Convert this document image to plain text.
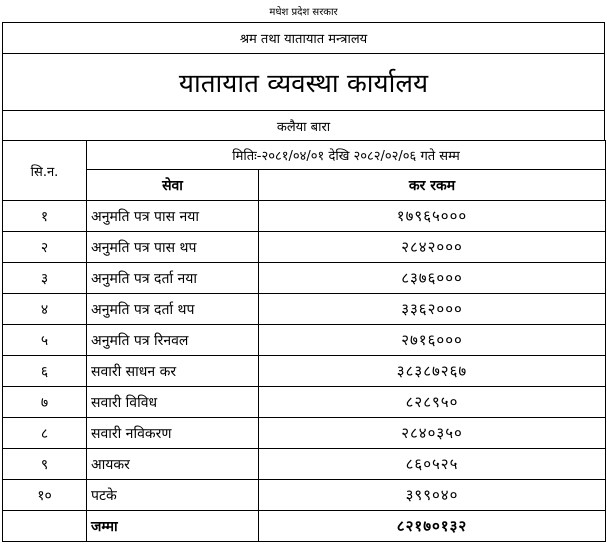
मधेश प्रदेश सरकार
श्रम तथा यातायात मन्त्रालय
यातायात व्यवस्था कार्यालय
कलैया बारा
सि.न.	मितिः-२०८१/०४/०१ देखि २०८२/०२/०६ गते सम्म	
	सेवा	कर रकम
१	अनुमति पत्र पास नया	१७९६५०००
२	अनुमति पत्र पास थप	२८४२०००
३	अनुमति पत्र दर्ता नया	८३७६०००
४	अनुमति पत्र दर्ता थप	३३६२०००
५	अनुमति पत्र रिनवल	२७१६०००
६	सवारी साधन कर	३८३८७२६७
७	सवारी विविध	८२८९५०
८	सवारी नविकरण	२८४०३५०
९	आयकर	८६०५२५
१०	पटके	३९९०४०
	जम्मा	८२१७०१३२
